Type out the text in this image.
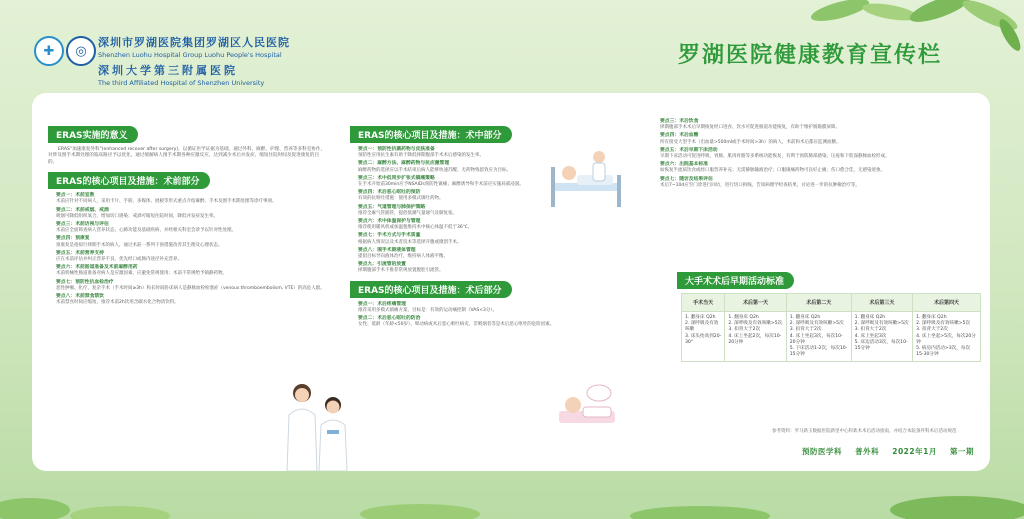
✚	◎
深圳市罗湖医院集团罗湖区人民医院
Shenzhen Luohu Hospital Group Luohu People's Hospital
深圳大学第三附属医院
The third Affiliated Hospital of Shenzhen University
罗湖医院健康教育宣传栏
ERAS实施的意义
ERAS"加速康复外科"(enhanced recover after surgery)，以循证医学证据为基础，通过外科、麻醉、护理、营养等多科室协作，对涉及围手术期处理的临床路径予以优化，通过缓解病人围手术期各种应激反应，达到减少术后并发症、缩短住院时间及促进康复的目的。
ERAS的核心项目及措施：术前部分
要点一：术前宣教
术前应针对不同病人，采用卡片、手册、多媒体、展板等形式重点介绍麻醉、手术及围手术期处理等诊疗事项。
要点二：术前戒烟、戒酒
吸烟可降低组织氧合，增加切口感染；戒酒可缩短住院时间，降低并发症发生率。
要点三：术前访视与评估
术前应全面筛查病人营养状态、心肺功能及基础疾病，并经相关科室会诊予以针对性处理。
要点四：预康复
预康复是指拟行择期手术的病人，通过术前一系列干预措施改善其生理及心理状态。
要点五：术前营养支持
应在术前评估并纠正营养不良，优先经口或肠内途径补充营养。
要点六：术前肠道准备及术前麻醉用药
术前机械性肠道准备对病人是应激因素，应避免常规使用；术前不常规给予镇静药物。
要点七：预防性抗血栓治疗
恶性肿瘤、化疗、复杂手术（手术时间≥3h）和长时间卧床病人是静脉血栓栓塞症（venous thromboembolism, VTE）的高危人群。
要点八：术前禁食禁饮
术前禁食时间应缩短，推荐术前2h饮用含碳水化合物清饮料。
ERAS的核心项目及措施：术中部分
要点一：预防性抗菌药物与皮肤准备
预防性应用抗生素有助于降低择期腹部手术术后感染的发生率。
要点二：麻醉方法、麻醉药物与抗应激管理
麻醉药物的选择应以手术结束后病人能够快速苏醒、无药物残留效应为目标。
要点三：术中低同步扩张式镇痛策略
在手术开始前30min应予NSAIDs预防性镇痛；麻醉诱导和手术前应实施局部浸润。
要点四：术后恶心呕吐的预防
有效的抗呕吐措施：使用多模式镇吐药物。
要点五：气道管理与肺保护策略
推荐全麻气管插管，提倡低潮气量通气及肺复张。
要点六：术中体温保护与管理
推荐使用暖风机或加温毯维持术中核心体温不低于36℃。
要点七：手术方式与手术质量
根据病人情况以及术者技术等选择开腹或微创手术。
要点八：围手术期液体管理
提倡目标导向液体治疗，维持病人体液平衡。
要点九：引流管的放置
择期腹部手术不推荐常规放置腹腔引流管。
ERAS的核心项目及措施：术后部分
要点一：术后疼痛管理
推荐采用多模式镇痛方案，目标是：有效的运动痛控制（VAS<3分）。
要点二：术后恶心呕吐的防治
女性、低龄（年龄<50岁）、晕动病或术后恶心呕吐病史、非吸烟者等是术后恶心呕吐的危险因素。
要点三：术后饮食
择期腹部手术术后早期恢复经口进食、饮水可促进肠道功能恢复，有助于维护肠黏膜屏障。
要点四：术后血糖
所有接受大型手术（出血量>500ml或手术时间>3h）的病人，术前和术后都应监测血糖。
要点五：术后早期下床活动
早期下床活动可促进呼吸、胃肠、肌肉骨骼等多系统功能恢复，有利于预防肺部感染、压疮和下肢深静脉血栓形成。
要点六：出院基本标准
如恢复半流质饮食或经口服营养补充；无需静脉输液治疗；口服镇痛药物可良好止痛；伤口愈合佳，无感染迹象。
要点七：随访及结果评估
术后7~10d应至门诊进行回访，进行切口拆线，告知病理学检查结果，讨论进一步的抗肿瘤治疗等。
大手术术后早期活动标准
手术当天	术后第一天	术后第二天	术后第三天	术后第四天
1. 翻身床 Q2h
2. 深呼吸及有效咳嗽
3. 床头抬高到20-30°	1. 翻身床 Q2h
2. 深呼吸及有效咳嗽>5次
3. 扣背大于2次
4. 床上坐起2次，每次10-20分钟	1. 翻身床 Q2h
2. 深呼吸及有效咳嗽>5次
3. 扣背大于2次
4. 床上坐起3次，每次10-20分钟
5. 下床活动1-2次，每次10-15分钟	1. 翻身床 Q2h
2. 深呼吸及有效咳嗽>5次
3. 扣背大于2次
4. 床上坐起3次
5. 床边活动3次，每次10-15分钟	1. 翻身床 Q2h
2. 深呼吸及有效咳嗽>5次
3. 扣背大于2次
4. 床上坐起>5次，每次20分钟
5. 病房内活动>3次，每次15-30分钟
参考资料：罗马新玉数据医院新里中心科新术术后活动指南，并结合本院条件科术后活动规范
预防医学科 普外科 2022年1月 第一期
